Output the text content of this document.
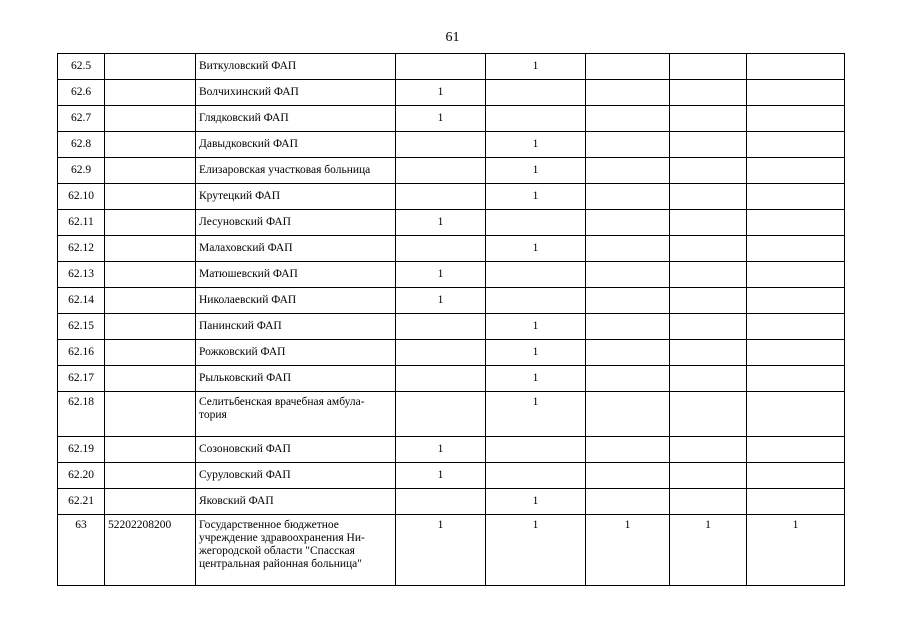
61
62.5		Виткуловский ФАП		1			
62.6		Волчихинский ФАП	1				
62.7		Глядковский ФАП	1				
62.8		Давыдковский ФАП		1			
62.9		Елизаровская участковая больница		1			
62.10		Крутецкий ФАП		1			
62.11		Лесуновский ФАП	1				
62.12		Малаховский ФАП		1			
62.13		Матюшевский ФАП	1				
62.14		Николаевский ФАП	1				
62.15		Панинский ФАП		1			
62.16		Рожковский ФАП		1			
62.17		Рыльковский ФАП		1			
62.18		Селитьбенская врачебная амбула-
тория		1			
62.19		Созоновский ФАП	1				
62.20		Суруловский ФАП	1				
62.21		Яковский ФАП		1			
63	52202208200	Государственное бюджетное
учреждение здравоохранения Ни-
жегородской области "Спасская
центральная районная больница"	1	1	1	1	1
